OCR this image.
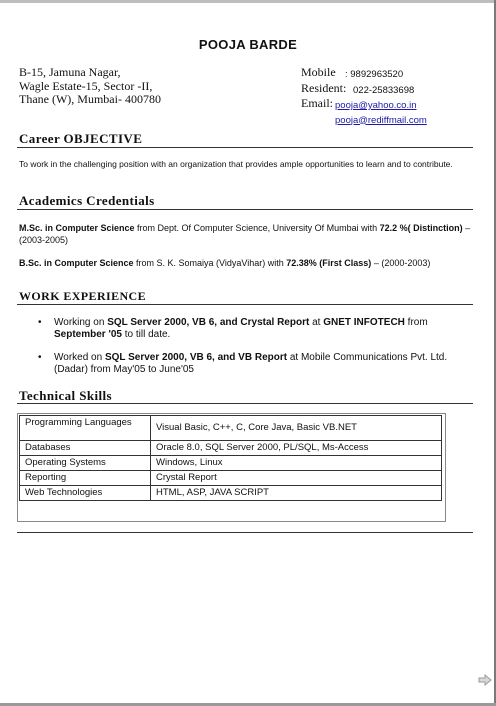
POOJA BARDE
B-15, Jamuna Nagar,
Wagle Estate-15, Sector -II,
Thane (W), Mumbai- 400780
Mobile : 9892963520
Resident: 022-25833698
Email: pooja@yahoo.co.in
pooja@rediffmail.com
Career OBJECTIVE
To work in the challenging position with an organization that provides ample opportunities to learn and to contribute.
Academics Credentials
M.Sc. in Computer Science from Dept. Of Computer Science, University Of Mumbai with 72.2 %( Distinction) – (2003-2005)
B.Sc. in Computer Science from S. K. Somaiya (VidyaVihar) with 72.38% (First Class) – (2000-2003)
WORK EXPERIENCE
• Working on SQL Server 2000, VB 6, and Crystal Report at GNET INFOTECH from September '05 to till date.
• Worked on SQL Server 2000, VB 6, and VB Report at Mobile Communications Pvt. Ltd. (Dadar) from May'05 to June'05
Technical Skills
Programming Languages	Visual Basic, C++, C, Core Java, Basic VB.NET
Databases	Oracle 8.0, SQL Server 2000, PL/SQL, Ms-Access
Operating Systems	Windows, Linux
Reporting	Crystal Report
Web Technologies	HTML, ASP, JAVA SCRIPT
